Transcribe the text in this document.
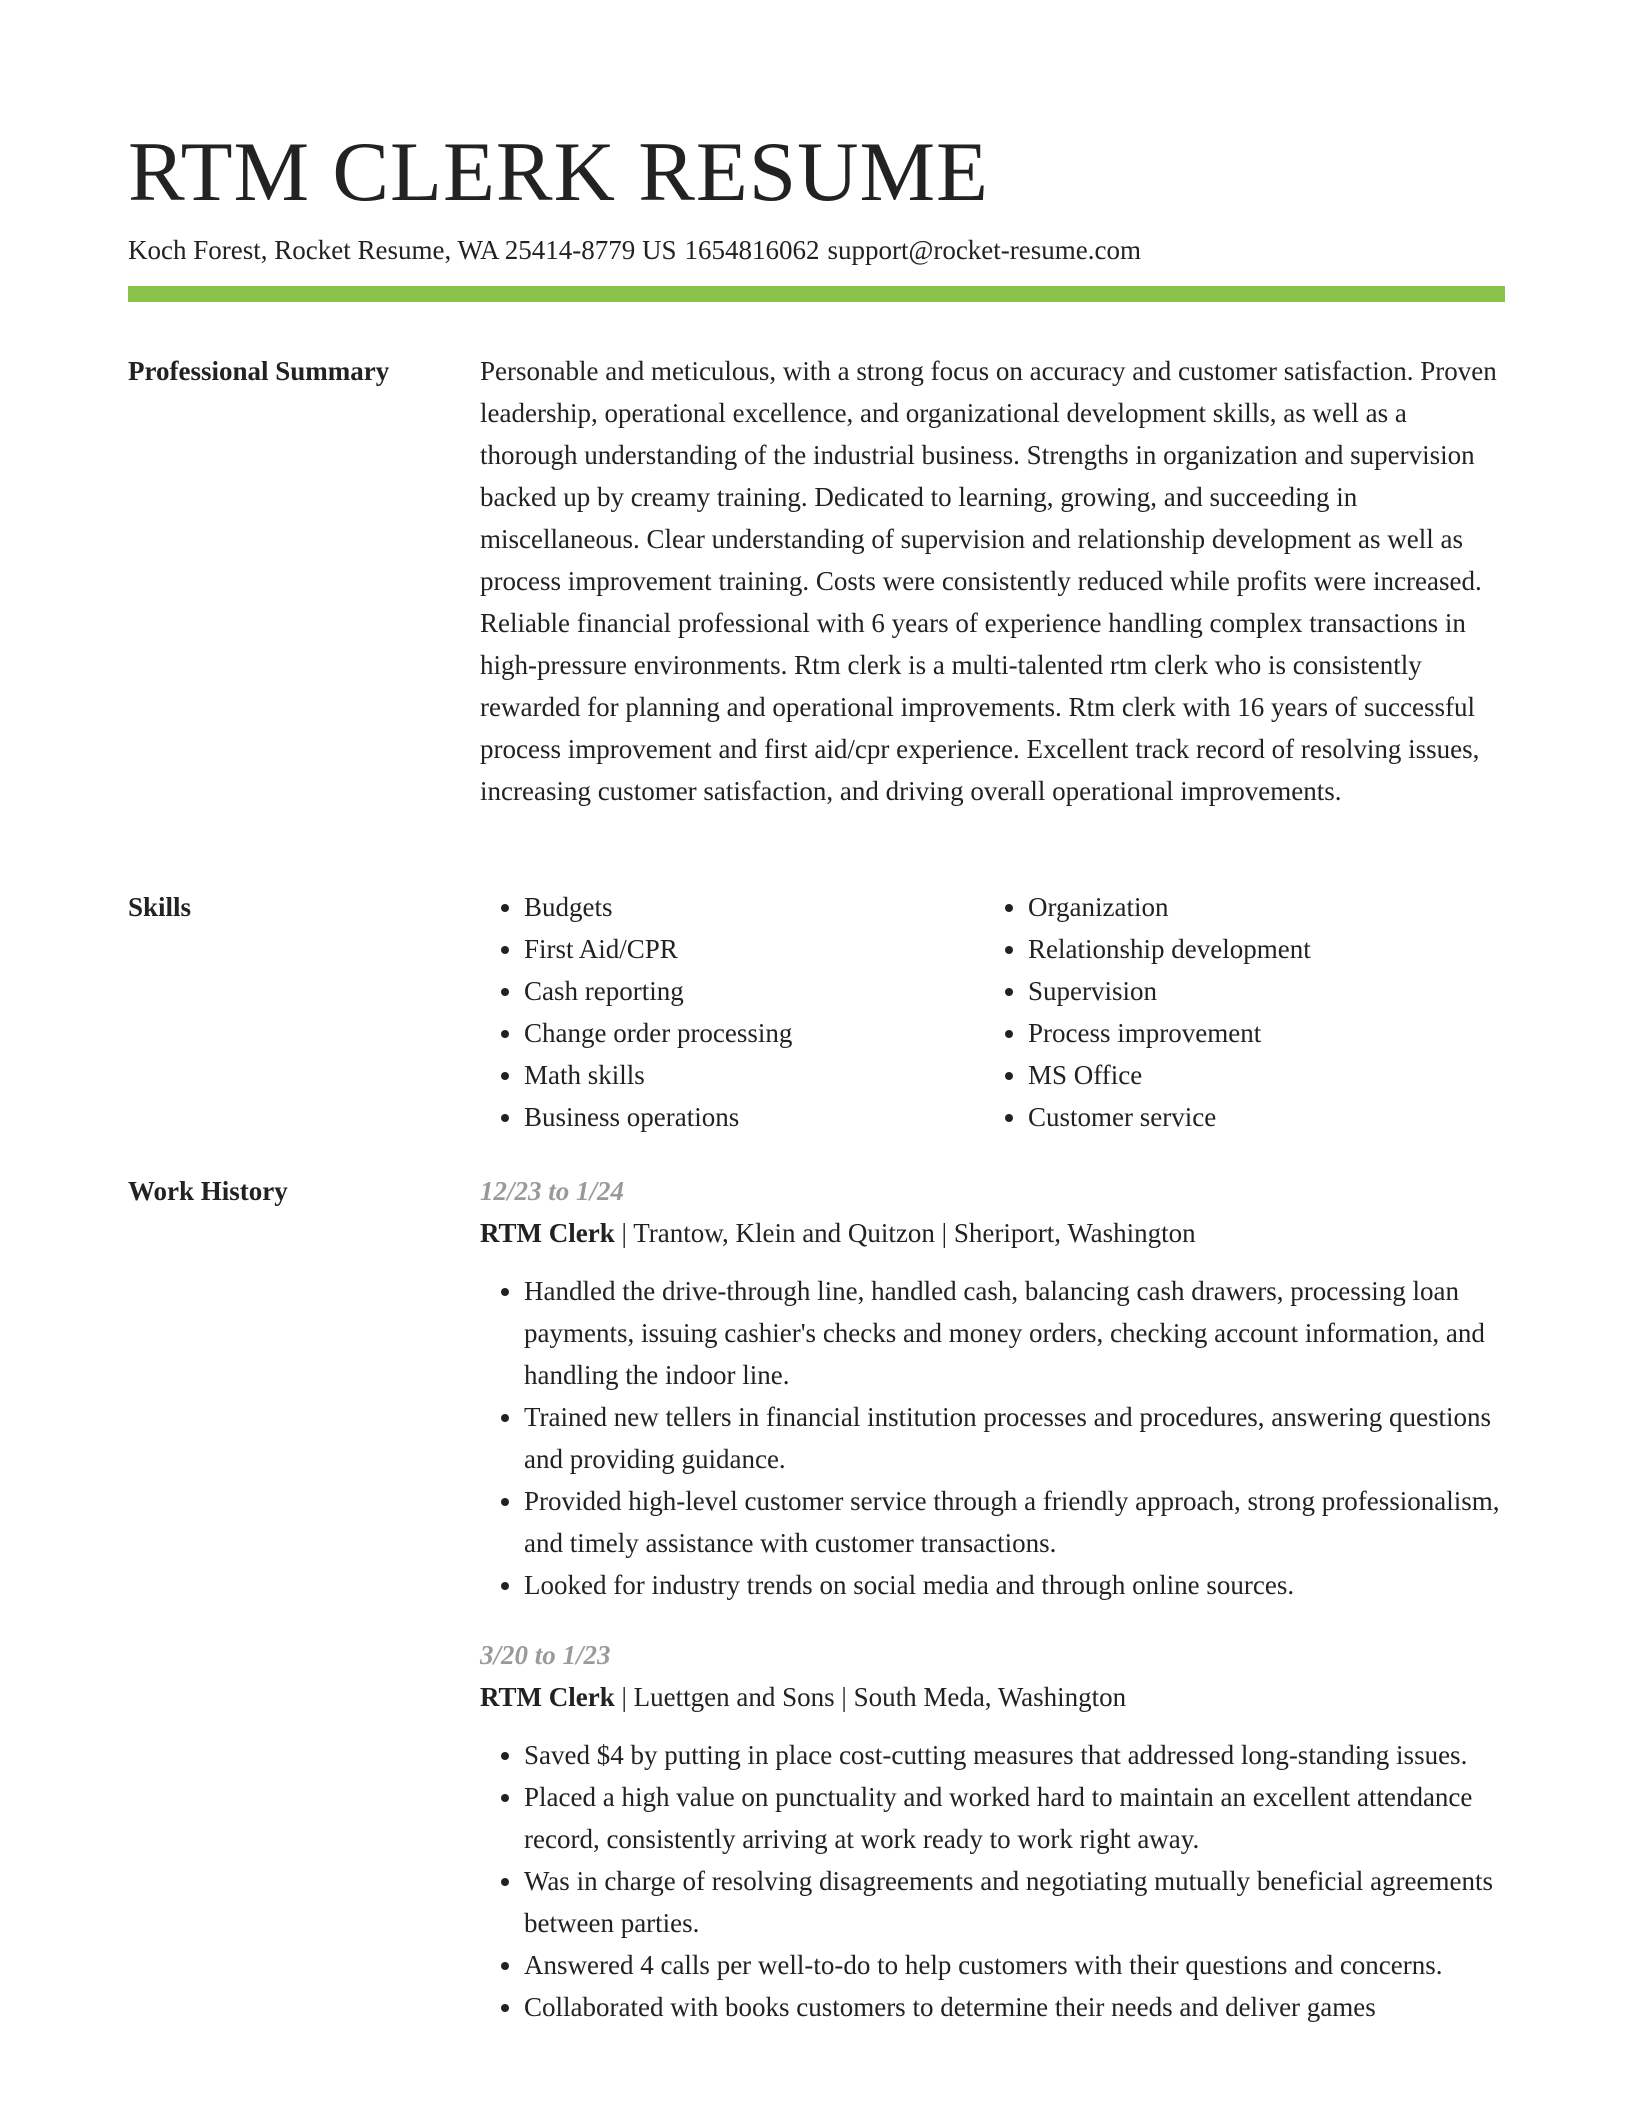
RTM CLERK RESUME
Koch Forest, Rocket Resume, WA 25414-8779 US 1654816062 support@rocket-resume.com
Professional Summary	Personable and meticulous, with a strong focus on accuracy and customer satisfaction. Proven leadership, operational excellence, and organizational development skills, as well as a thorough understanding of the industrial business. Strengths in organization and supervision backed up by creamy training. Dedicated to learning, growing, and succeeding in miscellaneous. Clear understanding of supervision and relationship development as well as process improvement training. Costs were consistently reduced while profits were increased. Reliable financial professional with 6 years of experience handling complex transactions in high-pressure environments. Rtm clerk is a multi-talented rtm clerk who is consistently rewarded for planning and operational improvements. Rtm clerk with 16 years of successful process improvement and first aid/cpr experience. Excellent track record of resolving issues, increasing customer satisfaction, and driving overall operational improvements.

Skills
•	Budgets
• First Aid/CPR
• Cash reporting
• Change order processing
• Math skills
• Business operations
• Organization
• Relationship development
• Supervision
• Process improvement
• MS Office
• Customer service
Work History	12/23 to 1/24
RTM Clerk | Trantow, Klein and Quitzon | Sheriport, Washington
• Handled the drive-through line, handled cash, balancing cash drawers, processing loan payments, issuing cashier's checks and money orders, checking account information, and handling the indoor line.
• Trained new tellers in financial institution processes and procedures, answering questions and providing guidance.
• Provided high-level customer service through a friendly approach, strong professionalism, and timely assistance with customer transactions.
• Looked for industry trends on social media and through online sources.
3/20 to 1/23
RTM Clerk | Luettgen and Sons | South Meda, Washington
• Saved $4 by putting in place cost-cutting measures that addressed long-standing issues.
• Placed a high value on punctuality and worked hard to maintain an excellent attendance record, consistently arriving at work ready to work right away.
• Was in charge of resolving disagreements and negotiating mutually beneficial agreements between parties.
• Answered 4 calls per well-to-do to help customers with their questions and concerns.
• Collaborated with books customers to determine their needs and deliver games
